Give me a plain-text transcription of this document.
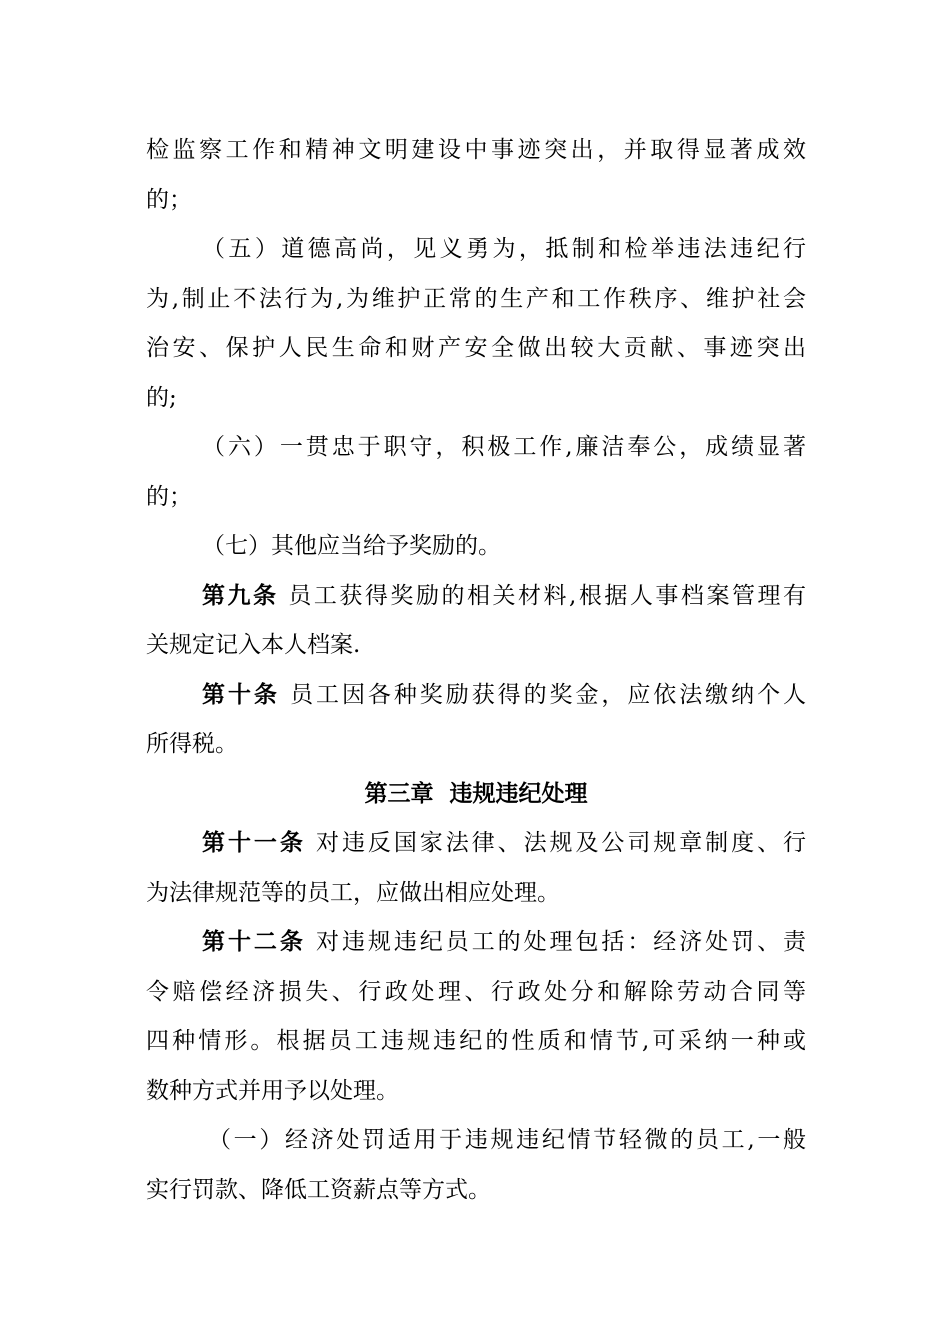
检监察工作和精神文明建设中事迹突出，并取得显著成效
的；
（五）道德高尚，见义勇为，抵制和检举违法违纪行
为,制止不法行为,为维护正常的生产和工作秩序、维护社会
治安、保护人民生命和财产安全做出较大贡献、事迹突出
的;
（六）一贯忠于职守，积极工作,廉洁奉公，成绩显著
的；
（七）其他应当给予奖励的。
第九条 员工获得奖励的相关材料,根据人事档案管理有
关规定记入本人档案.
第十条 员工因各种奖励获得的奖金，应依法缴纳个人
所得税。
第三章  违规违纪处理
第十一条 对违反国家法律、法规及公司规章制度、行
为法律规范等的员工，应做出相应处理。
第十二条 对违规违纪员工的处理包括：经济处罚、责
令赔偿经济损失、行政处理、行政处分和解除劳动合同等
四种情形。根据员工违规违纪的性质和情节,可采纳一种或
数种方式并用予以处理。
（一）经济处罚适用于违规违纪情节轻微的员工,一般
实行罚款、降低工资薪点等方式。
